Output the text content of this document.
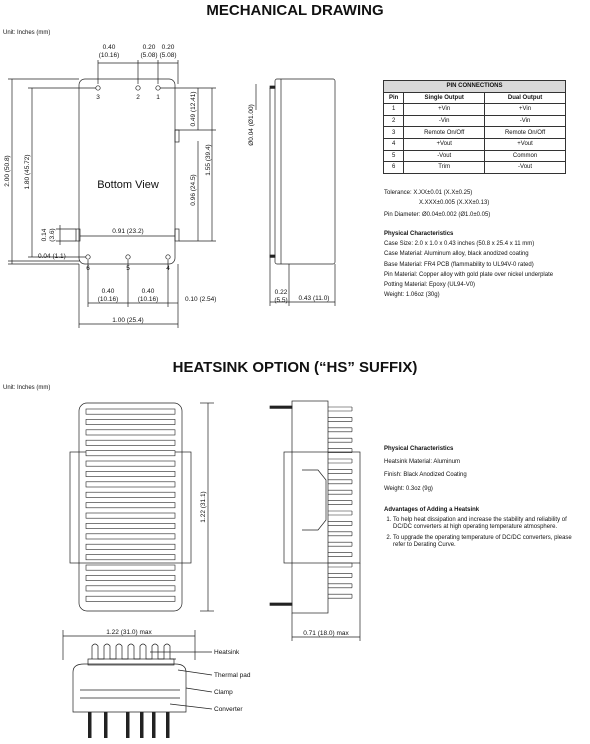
MECHANICAL DRAWING
Unit: Inches (mm)
HEATSINK OPTION (“HS” SUFFIX)
Unit: Inches (mm)
0.40
(10.16)
0.20
(5.08)
0.20
(5.08)
3	2	1
6	5	4
Bottom View
2.00 (50.8) 1.80 (45.72)
0.14 (3.6)
0.04 (1.1)
0.49 (12.41)
1.55 (39.4)
0.96 (24.5)
0.91 (23.2)
0.40
(10.16)
0.40
(10.16)	0.10 (2.54)
1.00 (25.4)
Ø0.04 (Ø1.00)
0.22
(5.5) 0.43 (11.0)
1.22 (31.1)
1.22 (31.0) max	0.71 (18.0) max
Heatsink
Thermal pad
Clamp
Converter
PIN CONNECTIONS		
Pin	Single Output	Dual Output
1	+Vin	+Vin
2	-Vin	-Vin
3	Remote On/Off	Remote On/Off
4	+Vout	+Vout
5	-Vout	Common
6	Trim	-Vout
Tolerance: X.XX±0.01 (X.X±0.25)
X.XXX±0.005 (X.XX±0.13)
Pin Diameter: Ø0.04±0.002 (Ø1.0±0.05)
Physical Characteristics
Case Size: 2.0 x 1.0 x 0.43 inches (50.8 x 25.4 x 11 mm)
Case Material: Aluminum alloy, black anodized coating
Base Material: FR4 PCB (flammability to UL94V-0 rated)
Pin Material: Copper alloy with gold plate over nickel underplate
Potting Material: Epoxy (UL94-V0)
Weight: 1.06oz (30g)
Physical Characteristics
Heatsink Material: Aluminum
Finish: Black Anodized Coating
Weight: 0.3oz (9g)
Advantages of Adding a Heatsink
1. To help heat dissipation and increase the stability and reliability of DC/DC converters at high operating temperature atmosphere.
2. To upgrade the operating temperature of DC/DC converters, please refer to Derating Curve.
